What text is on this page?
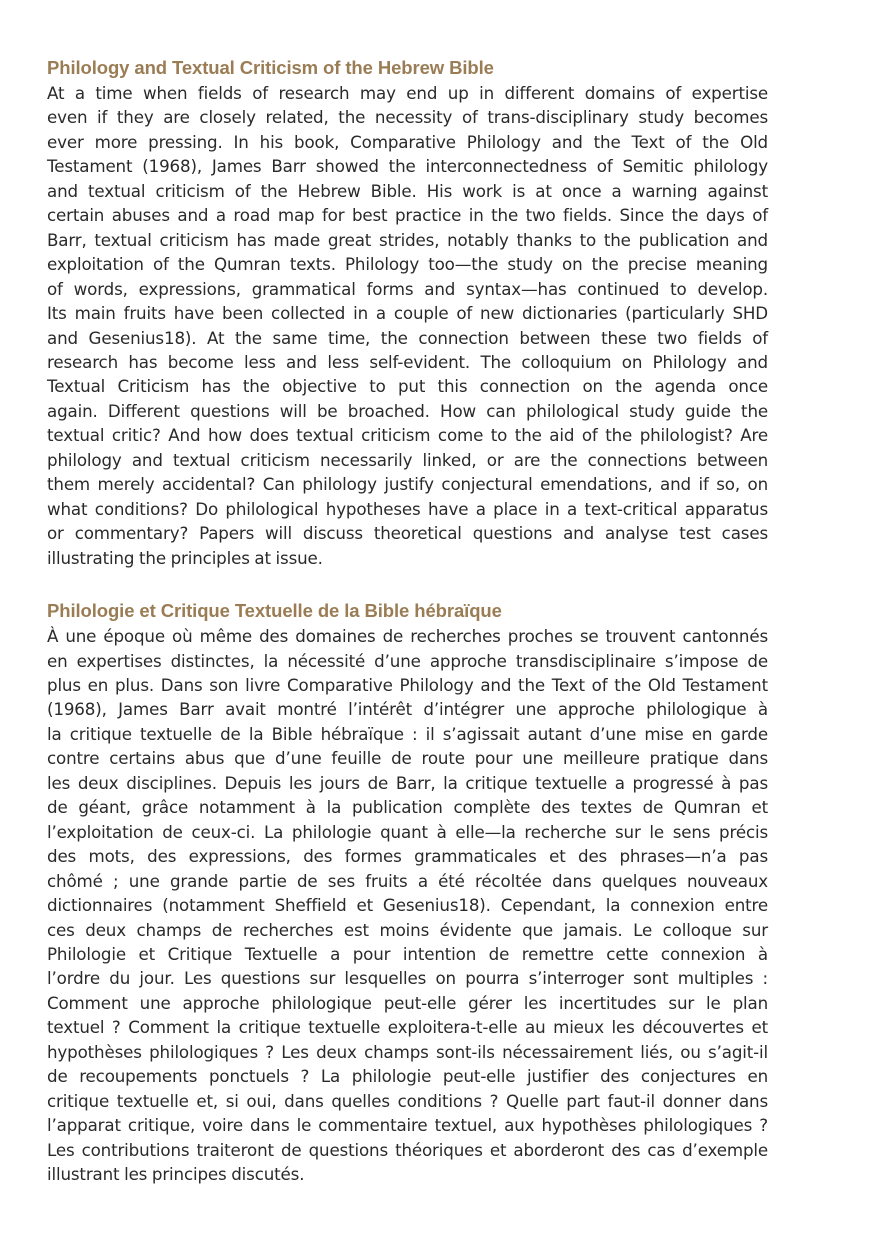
Philology and Textual Criticism of the Hebrew Bible

At a time when fields of research may end up in different domains of expertise
even if they are closely related, the necessity of trans-disciplinary study becomes
ever more pressing. In his book, Comparative Philology and the Text of the Old
Testament (1968), James Barr showed the interconnectedness of Semitic philology
and textual criticism of the Hebrew Bible. His work is at once a warning against
certain abuses and a road map for best practice in the two fields. Since the days of
Barr, textual criticism has made great strides, notably thanks to the publication and
exploitation of the Qumran texts. Philology too—the study on the precise meaning
of words, expressions, grammatical forms and syntax—has continued to develop.
Its main fruits have been collected in a couple of new dictionaries (particularly SHD
and Gesenius18). At the same time, the connection between these two fields of
research has become less and less self-evident. The colloquium on Philology and
Textual Criticism has the objective to put this connection on the agenda once
again. Different questions will be broached. How can philological study guide the
textual critic? And how does textual criticism come to the aid of the philologist? Are
philology and textual criticism necessarily linked, or are the connections between
them merely accidental? Can philology justify conjectural emendations, and if so, on
what conditions? Do philological hypotheses have a place in a text-critical apparatus
or commentary? Papers will discuss theoretical questions and analyse test cases
illustrating the principles at issue.

Philologie et Critique Textuelle de la Bible hébraïque

À une époque où même des domaines de recherches proches se trouvent cantonnés
en expertises distinctes, la nécessité d’une approche transdisciplinaire s’impose de
plus en plus. Dans son livre Comparative Philology and the Text of the Old Testament
(1968), James Barr avait montré l’intérêt d’intégrer une approche philologique à
la critique textuelle de la Bible hébraïque : il s’agissait autant d’une mise en garde
contre certains abus que d’une feuille de route pour une meilleure pratique dans
les deux disciplines. Depuis les jours de Barr, la critique textuelle a progressé à pas
de géant, grâce notamment à la publication complète des textes de Qumran et
l’exploitation de ceux-ci. La philologie quant à elle—la recherche sur le sens précis
des mots, des expressions, des formes grammaticales et des phrases—n’a pas
chômé ; une grande partie de ses fruits a été récoltée dans quelques nouveaux
dictionnaires (notamment Sheffield et Gesenius18). Cependant, la connexion entre
ces deux champs de recherches est moins évidente que jamais. Le colloque sur
Philologie et Critique Textuelle a pour intention de remettre cette connexion à
l’ordre du jour. Les questions sur lesquelles on pourra s’interroger sont multiples :
Comment une approche philologique peut-elle gérer les incertitudes sur le plan
textuel ? Comment la critique textuelle exploitera-t-elle au mieux les découvertes et
hypothèses philologiques ? Les deux champs sont-ils nécessairement liés, ou s’agit-il
de recoupements ponctuels ? La philologie peut-elle justifier des conjectures en
critique textuelle et, si oui, dans quelles conditions ? Quelle part faut-il donner dans
l’apparat critique, voire dans le commentaire textuel, aux hypothèses philologiques ?
Les contributions traiteront de questions théoriques et aborderont des cas d’exemple
illustrant les principes discutés.
